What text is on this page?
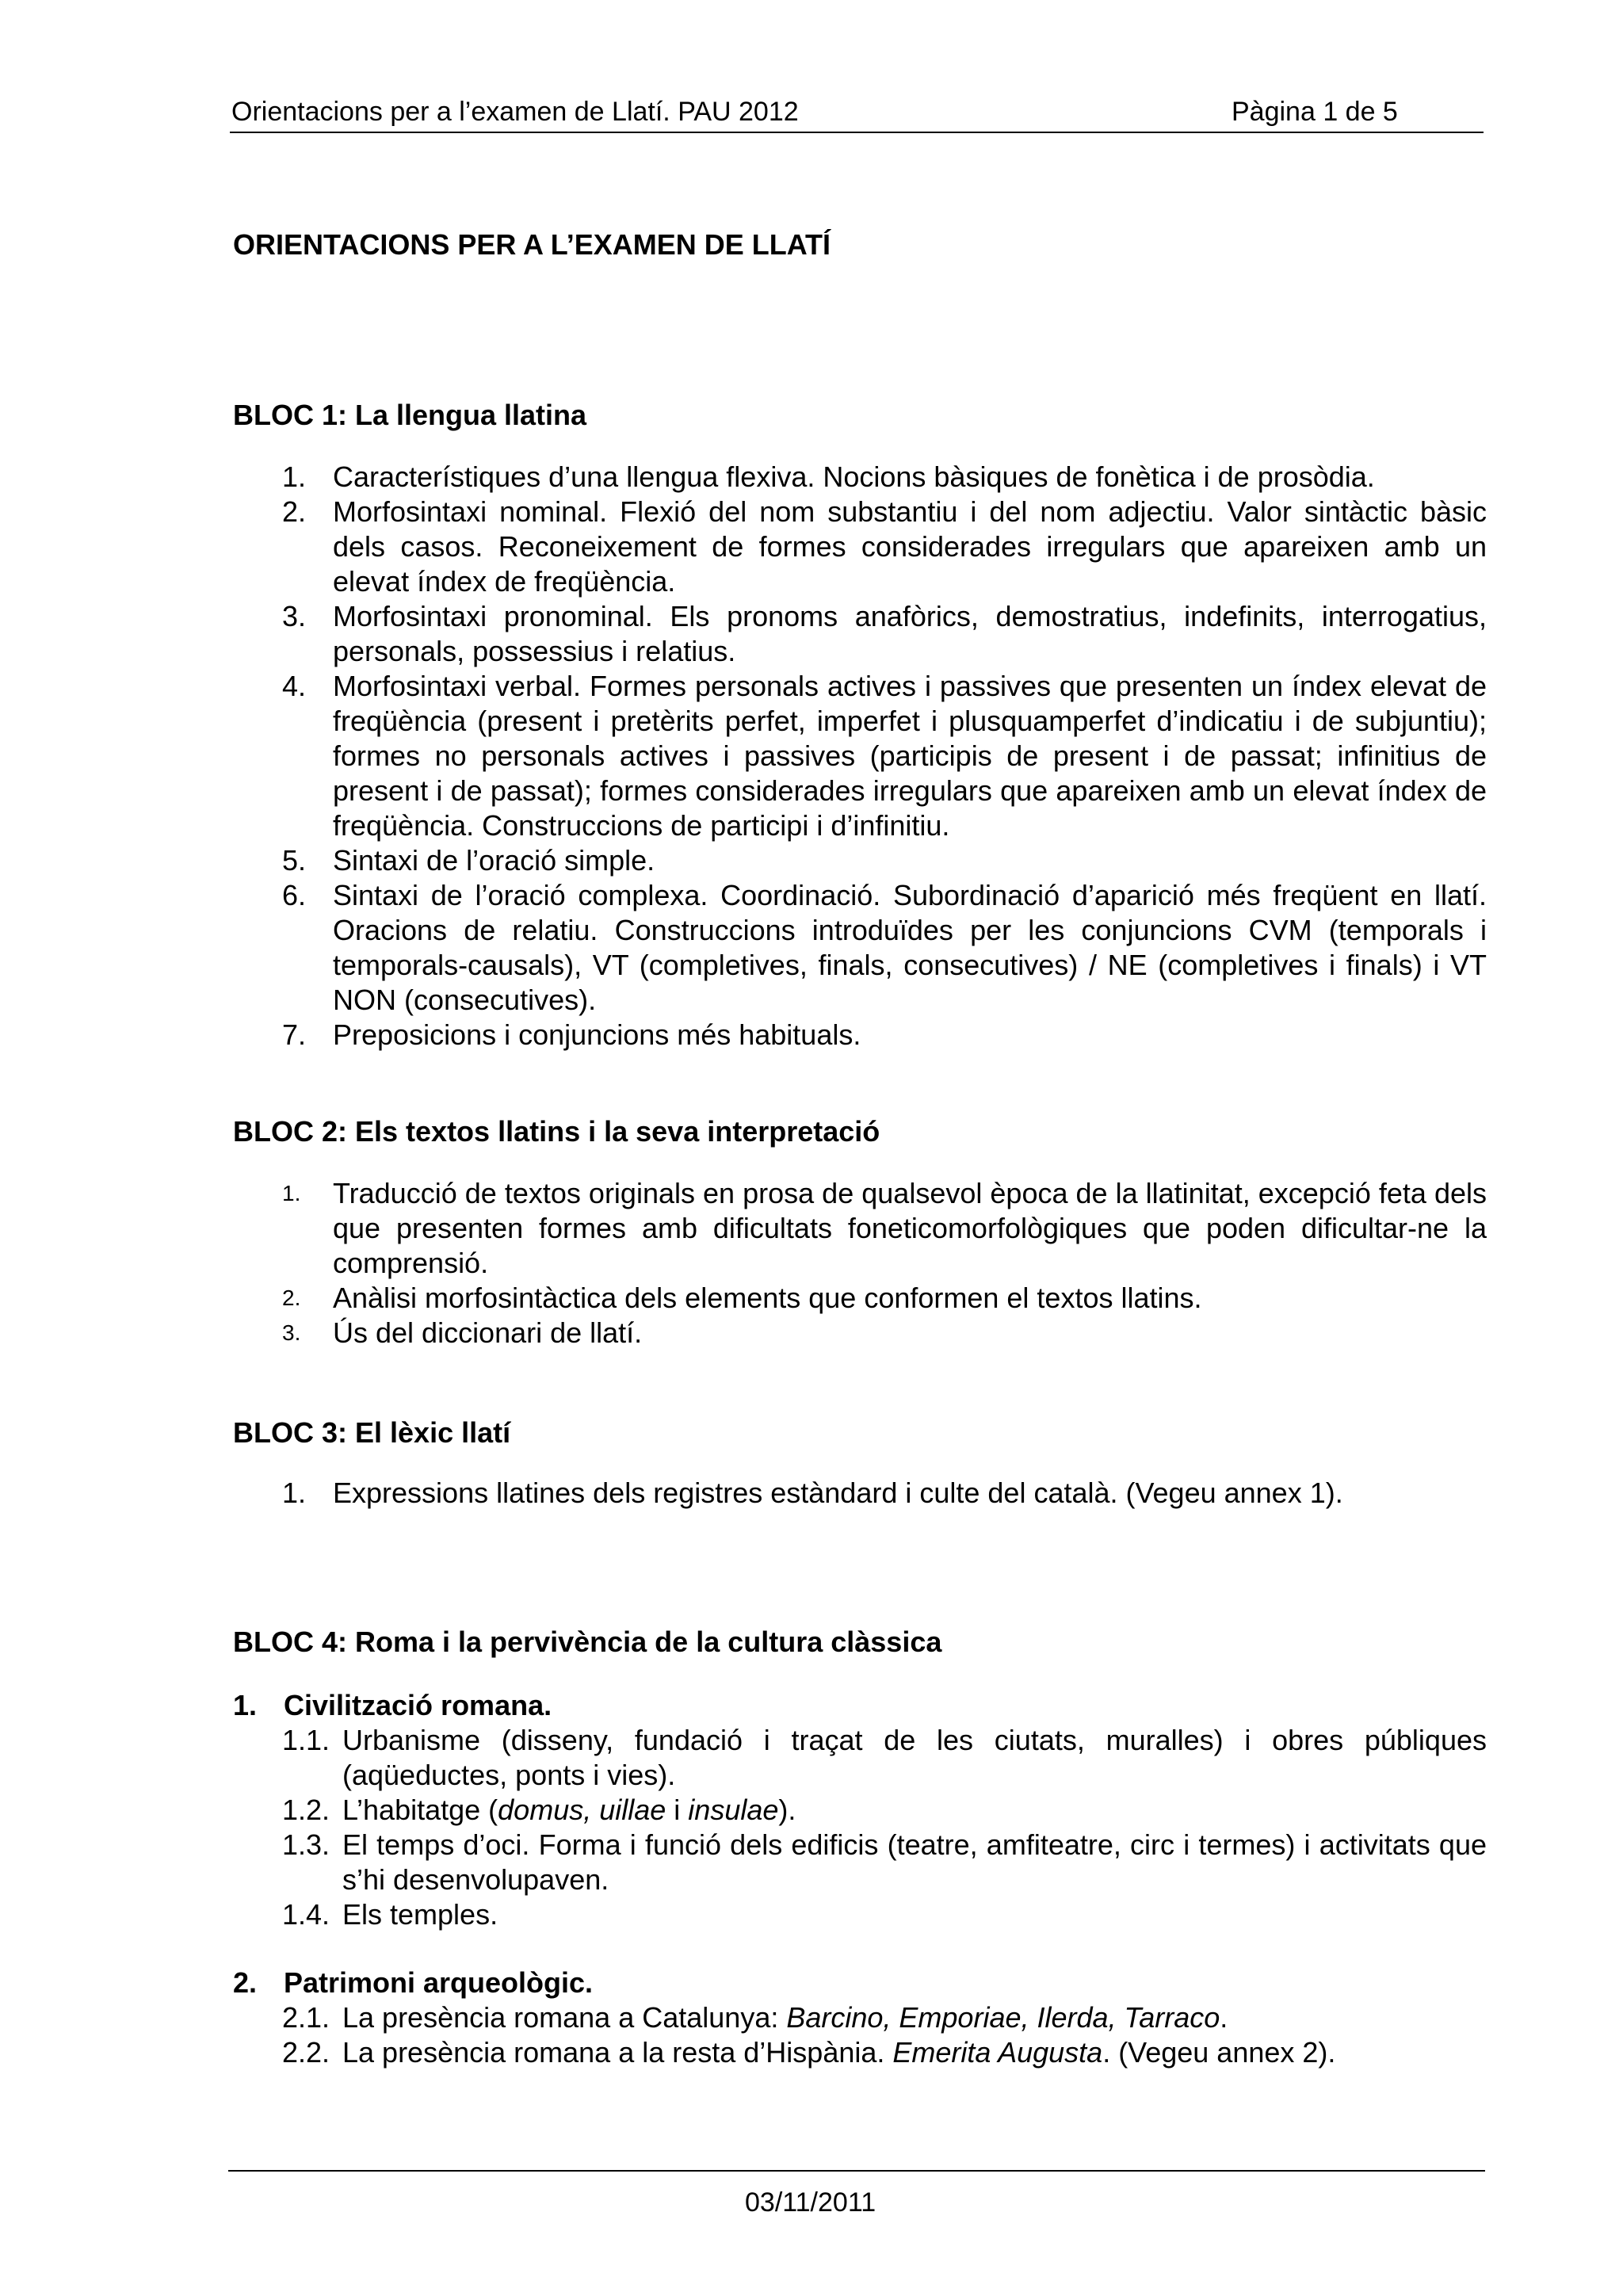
Orientacions per a l’examen de Llatí. PAU 2012	Pàgina 1 de 5
ORIENTACIONS PER A L’EXAMEN DE LLATÍ
BLOC 1: La llengua llatina
1. Característiques d’una llengua flexiva. Nocions bàsiques de fonètica i de prosòdia.
2. Morfosintaxi nominal. Flexió del nom substantiu i del nom adjectiu. Valor sintàctic bàsic dels casos. Reconeixement de formes considerades irregulars que apareixen amb un elevat índex de freqüència.
3. Morfosintaxi pronominal. Els pronoms anafòrics, demostratius, indefinits, interrogatius, personals, possessius i relatius.
4. Morfosintaxi verbal. Formes personals actives i passives que presenten un índex elevat de freqüència (present i pretèrits perfet, imperfet i plusquamperfet d’indicatiu i de subjuntiu); formes no personals actives i passives (participis de present i de passat; infinitius de present i de passat); formes considerades irregulars que apareixen amb un elevat índex de freqüència. Construccions de participi i d’infinitiu.
5. Sintaxi de l’oració simple.
6. Sintaxi de l’oració complexa. Coordinació. Subordinació d’aparició més freqüent en llatí. Oracions de relatiu. Construccions introduïdes per les conjuncions CVM (temporals i temporals-causals), VT (completives, finals, consecutives) / NE (completives i finals) i VT NON (consecutives).
7. Preposicions i conjuncions més habituals.
BLOC 2: Els textos llatins i la seva interpretació
1.	Traducció de textos originals en prosa de qualsevol època de la llatinitat, excepció feta dels que presenten formes amb dificultats foneticomorfològiques que poden dificultar-ne la comprensió.
2.	Anàlisi morfosintàctica dels elements que conformen el textos llatins.
3.	Ús del diccionari de llatí.
BLOC 3: El lèxic llatí
1. Expressions llatines dels registres estàndard i culte del català. (Vegeu annex 1).
BLOC 4: Roma i la pervivència de la cultura clàssica
1. Civilització romana.
1.1. Urbanisme (disseny, fundació i traçat de les ciutats, muralles) i obres públiques (aqüeductes, ponts i vies).
1.2. L’habitatge (domus, uillae i insulae).
1.3. El temps d’oci. Forma i funció dels edificis (teatre, amfiteatre, circ i termes) i activitats que s’hi desenvolupaven.
1.4. Els temples.
2. Patrimoni arqueològic.
2.1. La presència romana a Catalunya: Barcino, Emporiae, Ilerda, Tarraco.
2.2. La presència romana a la resta d’Hispània. Emerita Augusta. (Vegeu annex 2).
03/11/2011
